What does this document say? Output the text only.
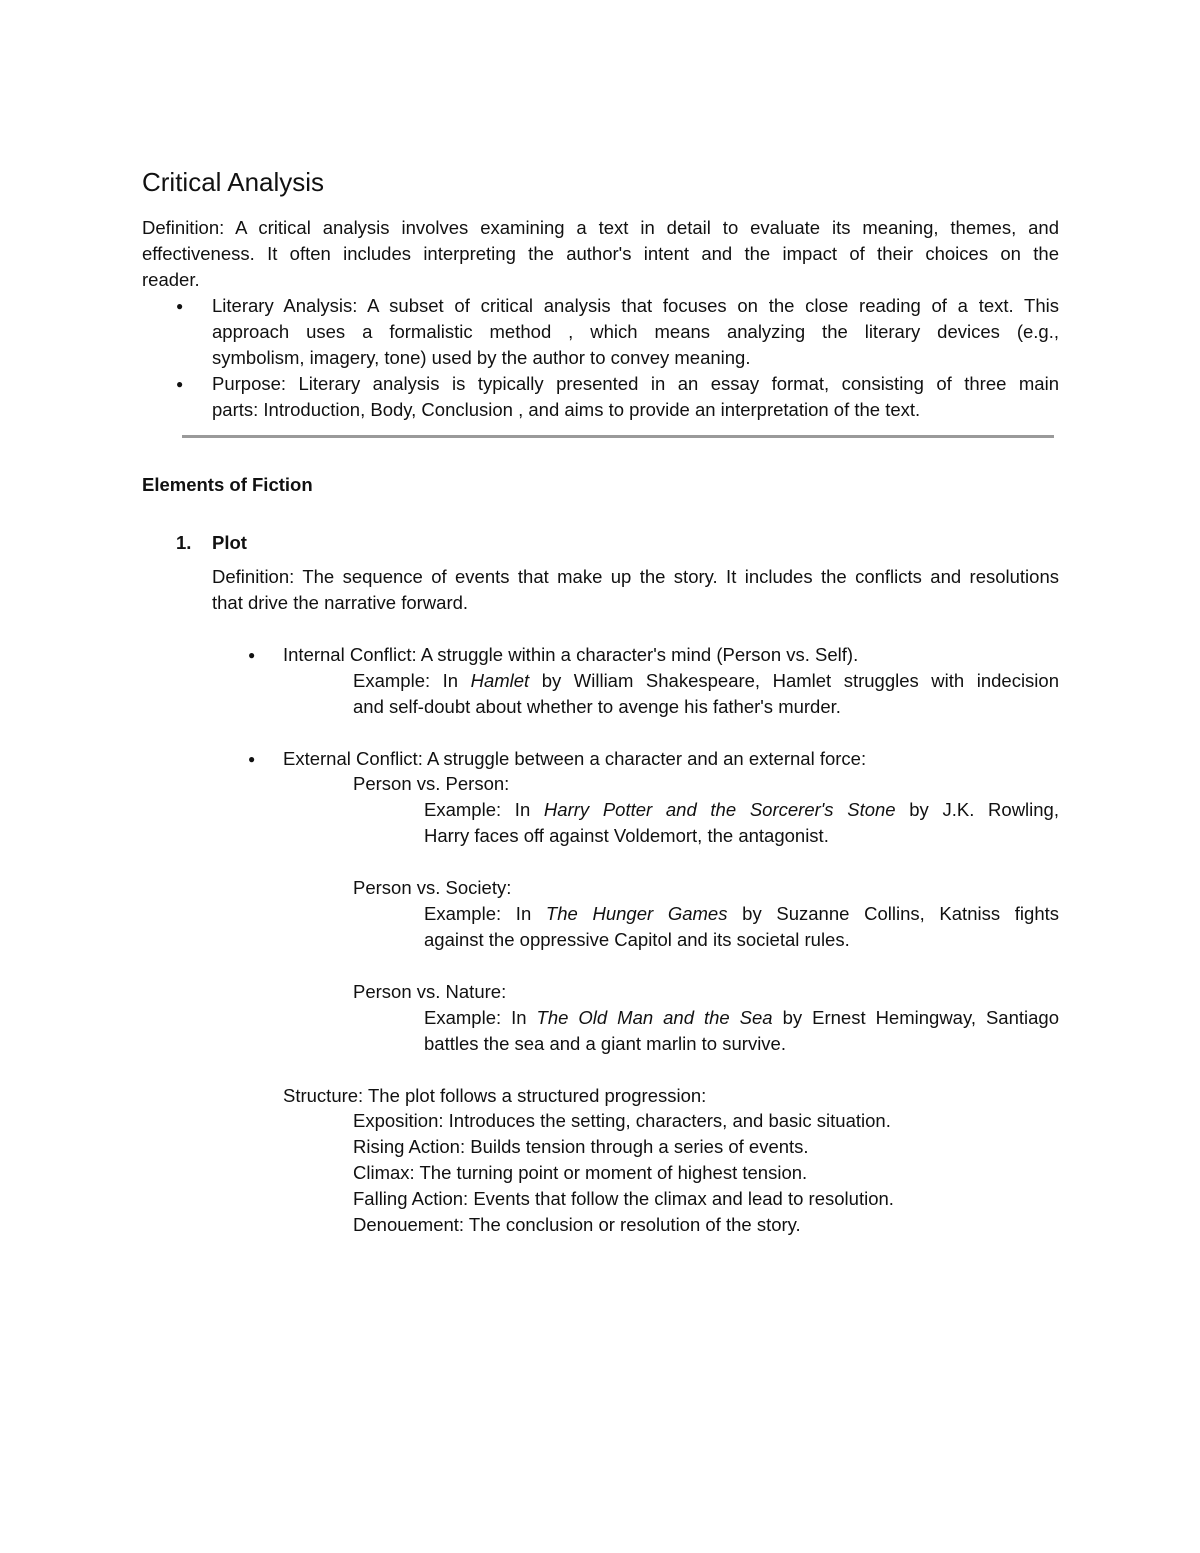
Critical Analysis
Definition: A critical analysis involves examining a text in detail to evaluate its meaning, themes, and
effectiveness. It often includes interpreting the author's intent and the impact of their choices on the
reader.
● Literary Analysis: A subset of critical analysis that focuses on the close reading of a text. This
approach uses a formalistic method , which means analyzing the literary devices (e.g.,
symbolism, imagery, tone) used by the author to convey meaning.
● Purpose: Literary analysis is typically presented in an essay format, consisting of three main
parts: Introduction, Body, Conclusion , and aims to provide an interpretation of the text.
Elements of Fiction
1. Plot
Definition: The sequence of events that make up the story. It includes the conflicts and resolutions
that drive the narrative forward.
● Internal Conflict: A struggle within a character's mind (Person vs. Self).
Example: In Hamlet by William Shakespeare, Hamlet struggles with indecision
and self-doubt about whether to avenge his father's murder.
● External Conflict: A struggle between a character and an external force:
Person vs. Person:
Example: In Harry Potter and the Sorcerer's Stone by J.K. Rowling,
Harry faces off against Voldemort, the antagonist.
Person vs. Society:
Example: In The Hunger Games by Suzanne Collins, Katniss fights
against the oppressive Capitol and its societal rules.
Person vs. Nature:
Example: In The Old Man and the Sea by Ernest Hemingway, Santiago
battles the sea and a giant marlin to survive.
Structure: The plot follows a structured progression:
Exposition: Introduces the setting, characters, and basic situation.
Rising Action: Builds tension through a series of events.
Climax: The turning point or moment of highest tension.
Falling Action: Events that follow the climax and lead to resolution.
Denouement: The conclusion or resolution of the story.
